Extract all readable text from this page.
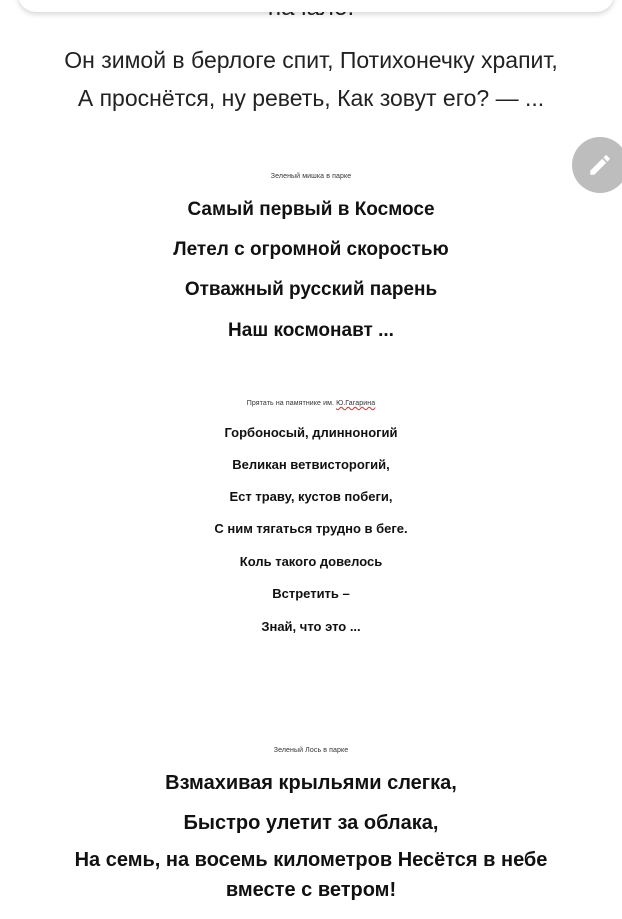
Он зимой в берлоге спит, Потихонечку храпит,
А проснётся, ну реветь, Как зовут его? — ...
Зеленый мишка в парке
Самый первый в Космосе
Летел с огромной скоростью
Отважный русский парень
Наш космонавт ...
Прятать на памятнике им. Ю.Гагарина
Горбоносый, длинноногий
Великан ветвисторогий,
Ест траву, кустов побеги,
С ним тягаться трудно в беге.
Коль такого довелось
Встретить –
Знай, что это ...
Зеленый Лось в парке
Взмахивая крыльями слегка,
Быстро улетит за облака,
На семь, на восемь километров Несётся в небе
вместе с ветром!
